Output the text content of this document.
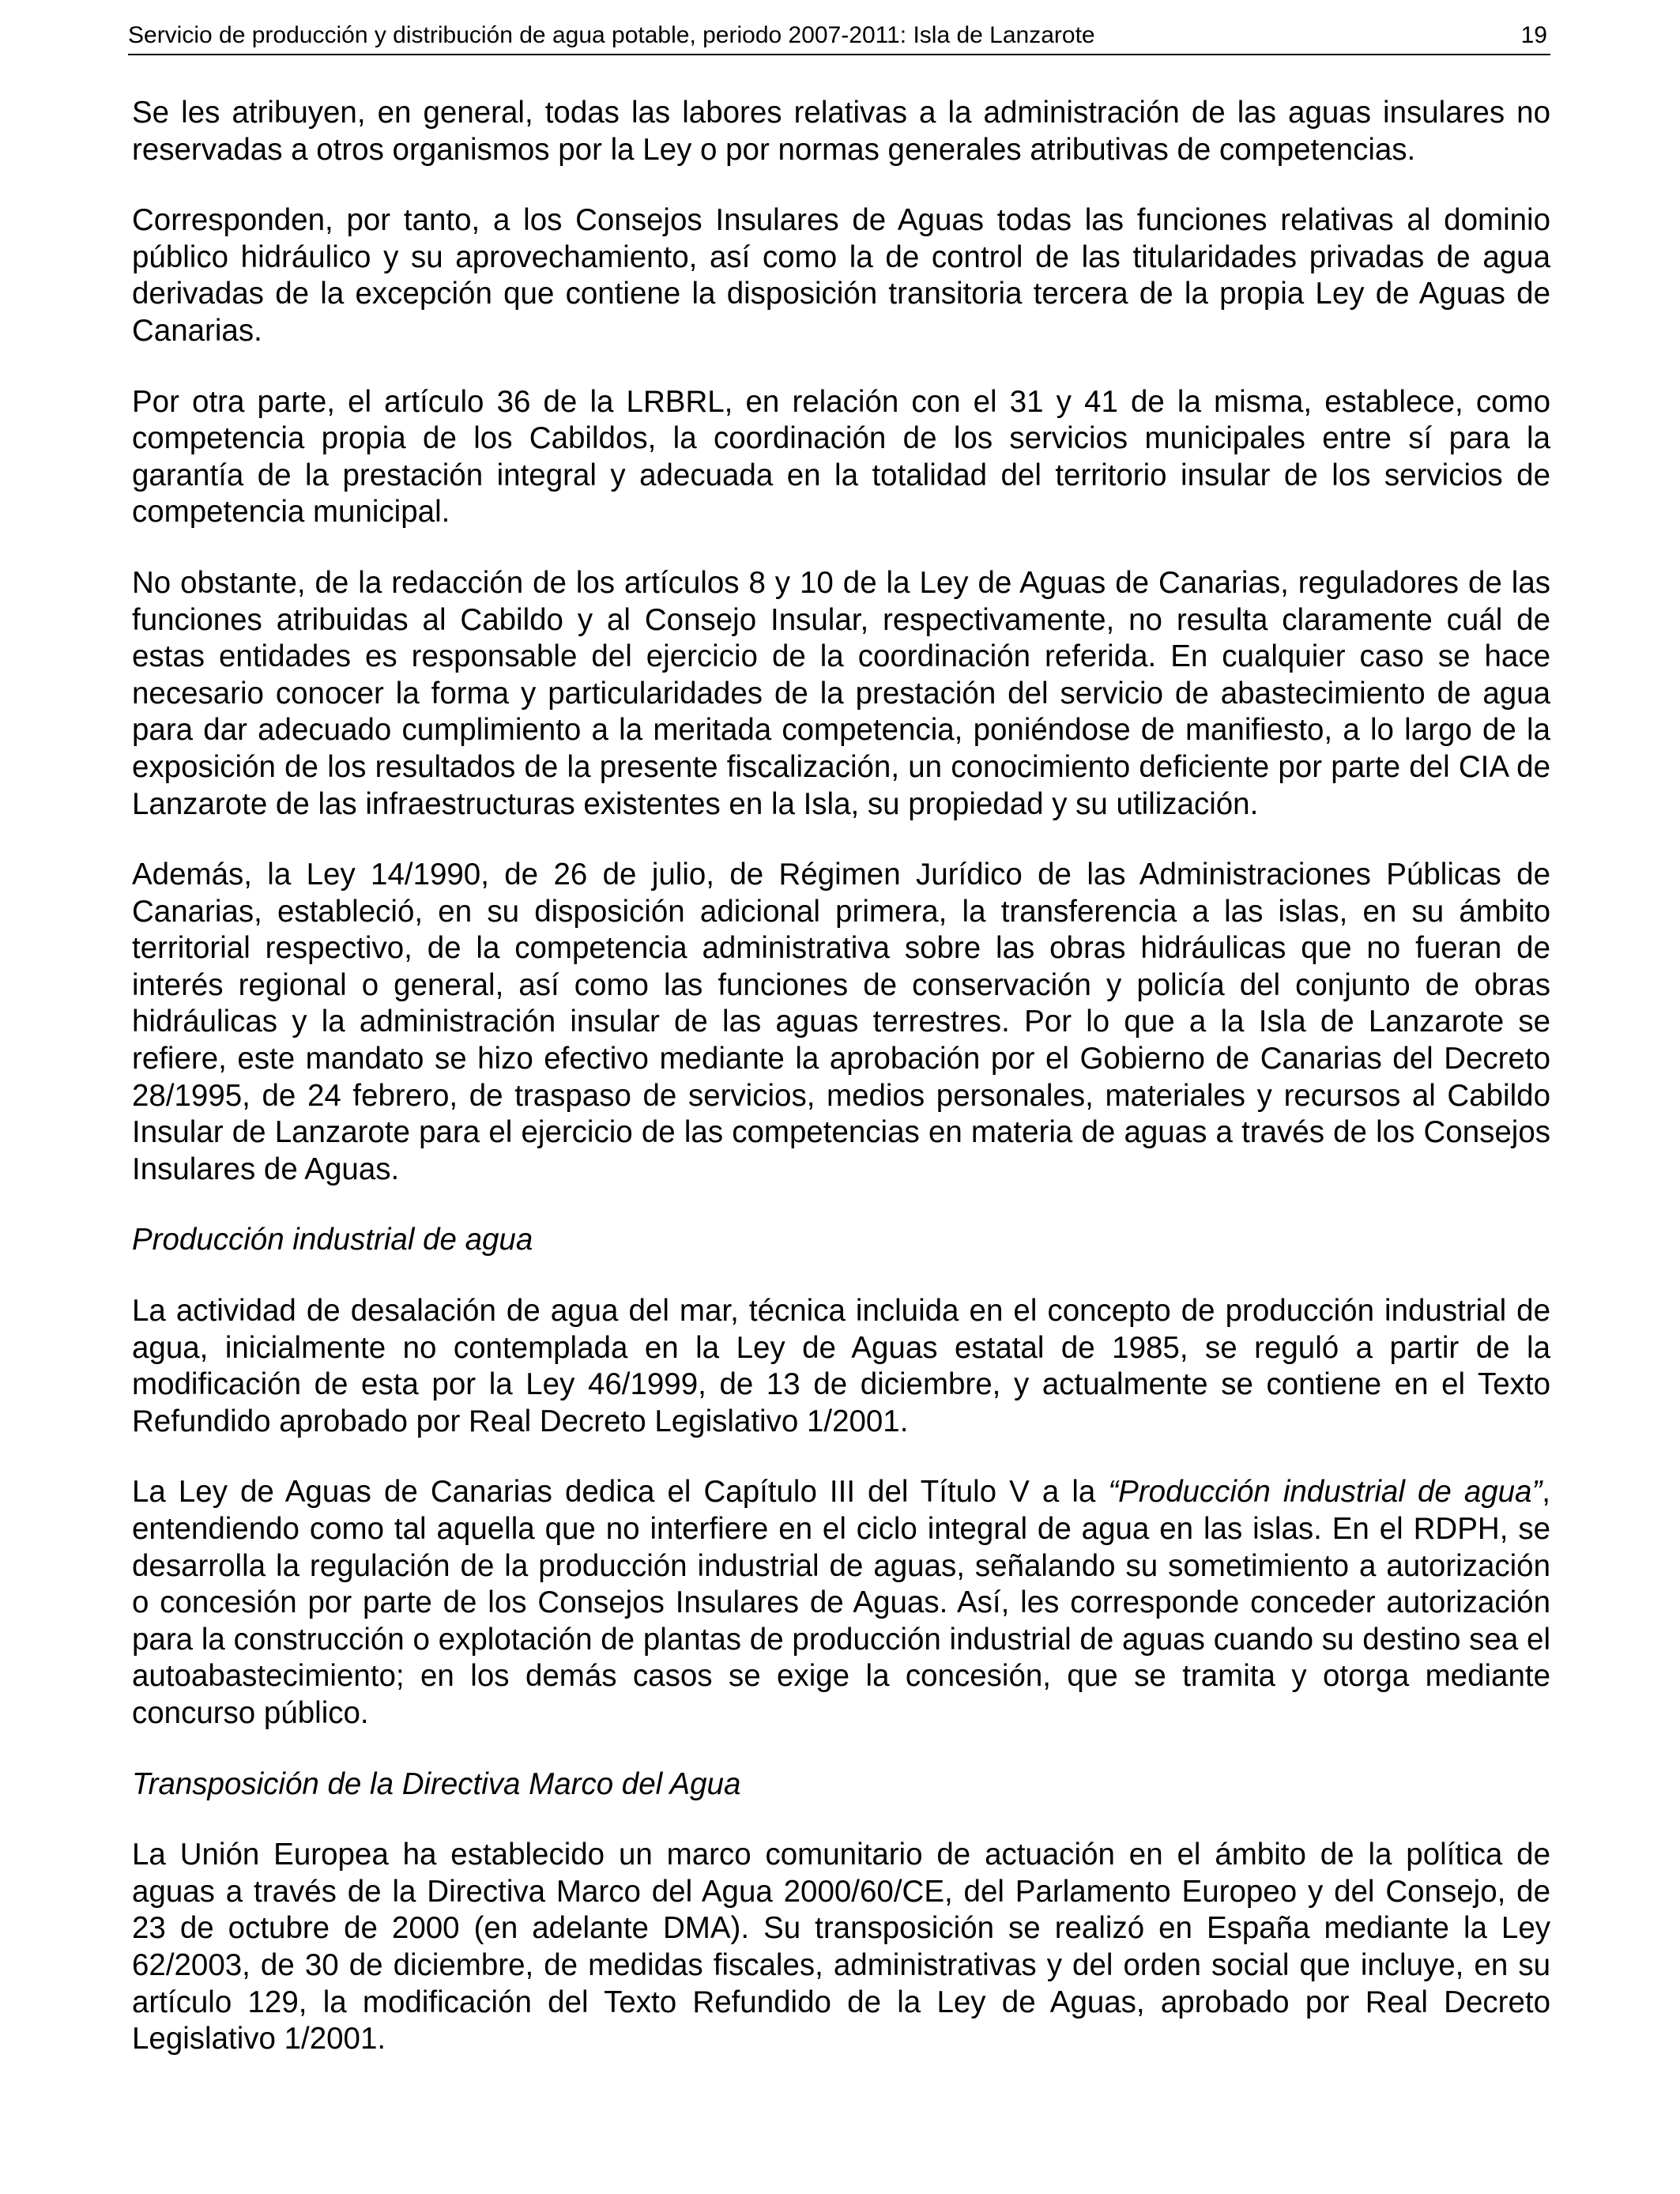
Servicio de producción y distribución de agua potable, periodo 2007-2011: Isla de Lanzarote	19

Se les atribuyen, en general, todas las labores relativas a la administración de las aguas insulares no reservadas a otros organismos por la Ley o por normas generales atributivas de competencias.

Corresponden, por tanto, a los Consejos Insulares de Aguas todas las funciones relativas al dominio público hidráulico y su aprovechamiento, así como la de control de las titularidades privadas de agua derivadas de la excepción que contiene la disposición transitoria tercera de la propia Ley de Aguas de Canarias.

Por otra parte, el artículo 36 de la LRBRL, en relación con el 31 y 41 de la misma, establece, como competencia propia de los Cabildos, la coordinación de los servicios municipales entre sí para la garantía de la prestación integral y adecuada en la totalidad del territorio insular de los servicios de competencia municipal.

No obstante, de la redacción de los artículos 8 y 10 de la Ley de Aguas de Canarias, reguladores de las funciones atribuidas al Cabildo y al Consejo Insular, respectivamente, no resulta claramente cuál de estas entidades es responsable del ejercicio de la coordinación referida. En cualquier caso se hace necesario conocer la forma y particularidades de la prestación del servicio de abastecimiento de agua para dar adecuado cumplimiento a la meritada competencia, poniéndose de manifiesto, a lo largo de la exposición de los resultados de la presente fiscalización, un conocimiento deficiente por parte del CIA de Lanzarote de las infraestructuras existentes en la Isla, su propiedad y su utilización.

Además, la Ley 14/1990, de 26 de julio, de Régimen Jurídico de las Administraciones Públicas de Canarias, estableció, en su disposición adicional primera, la transferencia a las islas, en su ámbito territorial respectivo, de la competencia administrativa sobre las obras hidráulicas que no fueran de interés regional o general, así como las funciones de conservación y policía del conjunto de obras hidráulicas y la administración insular de las aguas terrestres. Por lo que a la Isla de Lanzarote se refiere, este mandato se hizo efectivo mediante la aprobación por el Gobierno de Canarias del Decreto 28/1995, de 24 febrero, de traspaso de servicios, medios personales, materiales y recursos al Cabildo Insular de Lanzarote para el ejercicio de las competencias en materia de aguas a través de los Consejos Insulares de Aguas.

Producción industrial de agua

La actividad de desalación de agua del mar, técnica incluida en el concepto de producción industrial de agua, inicialmente no contemplada en la Ley de Aguas estatal de 1985, se reguló a partir de la modificación de esta por la Ley 46/1999, de 13 de diciembre, y actualmente se contiene en el Texto Refundido aprobado por Real Decreto Legislativo 1/2001.

La Ley de Aguas de Canarias dedica el Capítulo III del Título V a la “Producción industrial de agua”, entendiendo como tal aquella que no interfiere en el ciclo integral de agua en las islas. En el RDPH, se desarrolla la regulación de la producción industrial de aguas, señalando su sometimiento a autorización o concesión por parte de los Consejos Insulares de Aguas. Así, les corresponde conceder autorización para la construcción o explotación de plantas de producción industrial de aguas cuando su destino sea el autoabastecimiento; en los demás casos se exige la concesión, que se tramita y otorga mediante concurso público.

Transposición de la Directiva Marco del Agua

La Unión Europea ha establecido un marco comunitario de actuación en el ámbito de la política de aguas a través de la Directiva Marco del Agua 2000/60/CE, del Parlamento Europeo y del Consejo, de 23 de octubre de 2000 (en adelante DMA). Su transposición se realizó en España mediante la Ley 62/2003, de 30 de diciembre, de medidas fiscales, administrativas y del orden social que incluye, en su artículo 129, la modificación del Texto Refundido de la Ley de Aguas, aprobado por Real Decreto Legislativo 1/2001.
